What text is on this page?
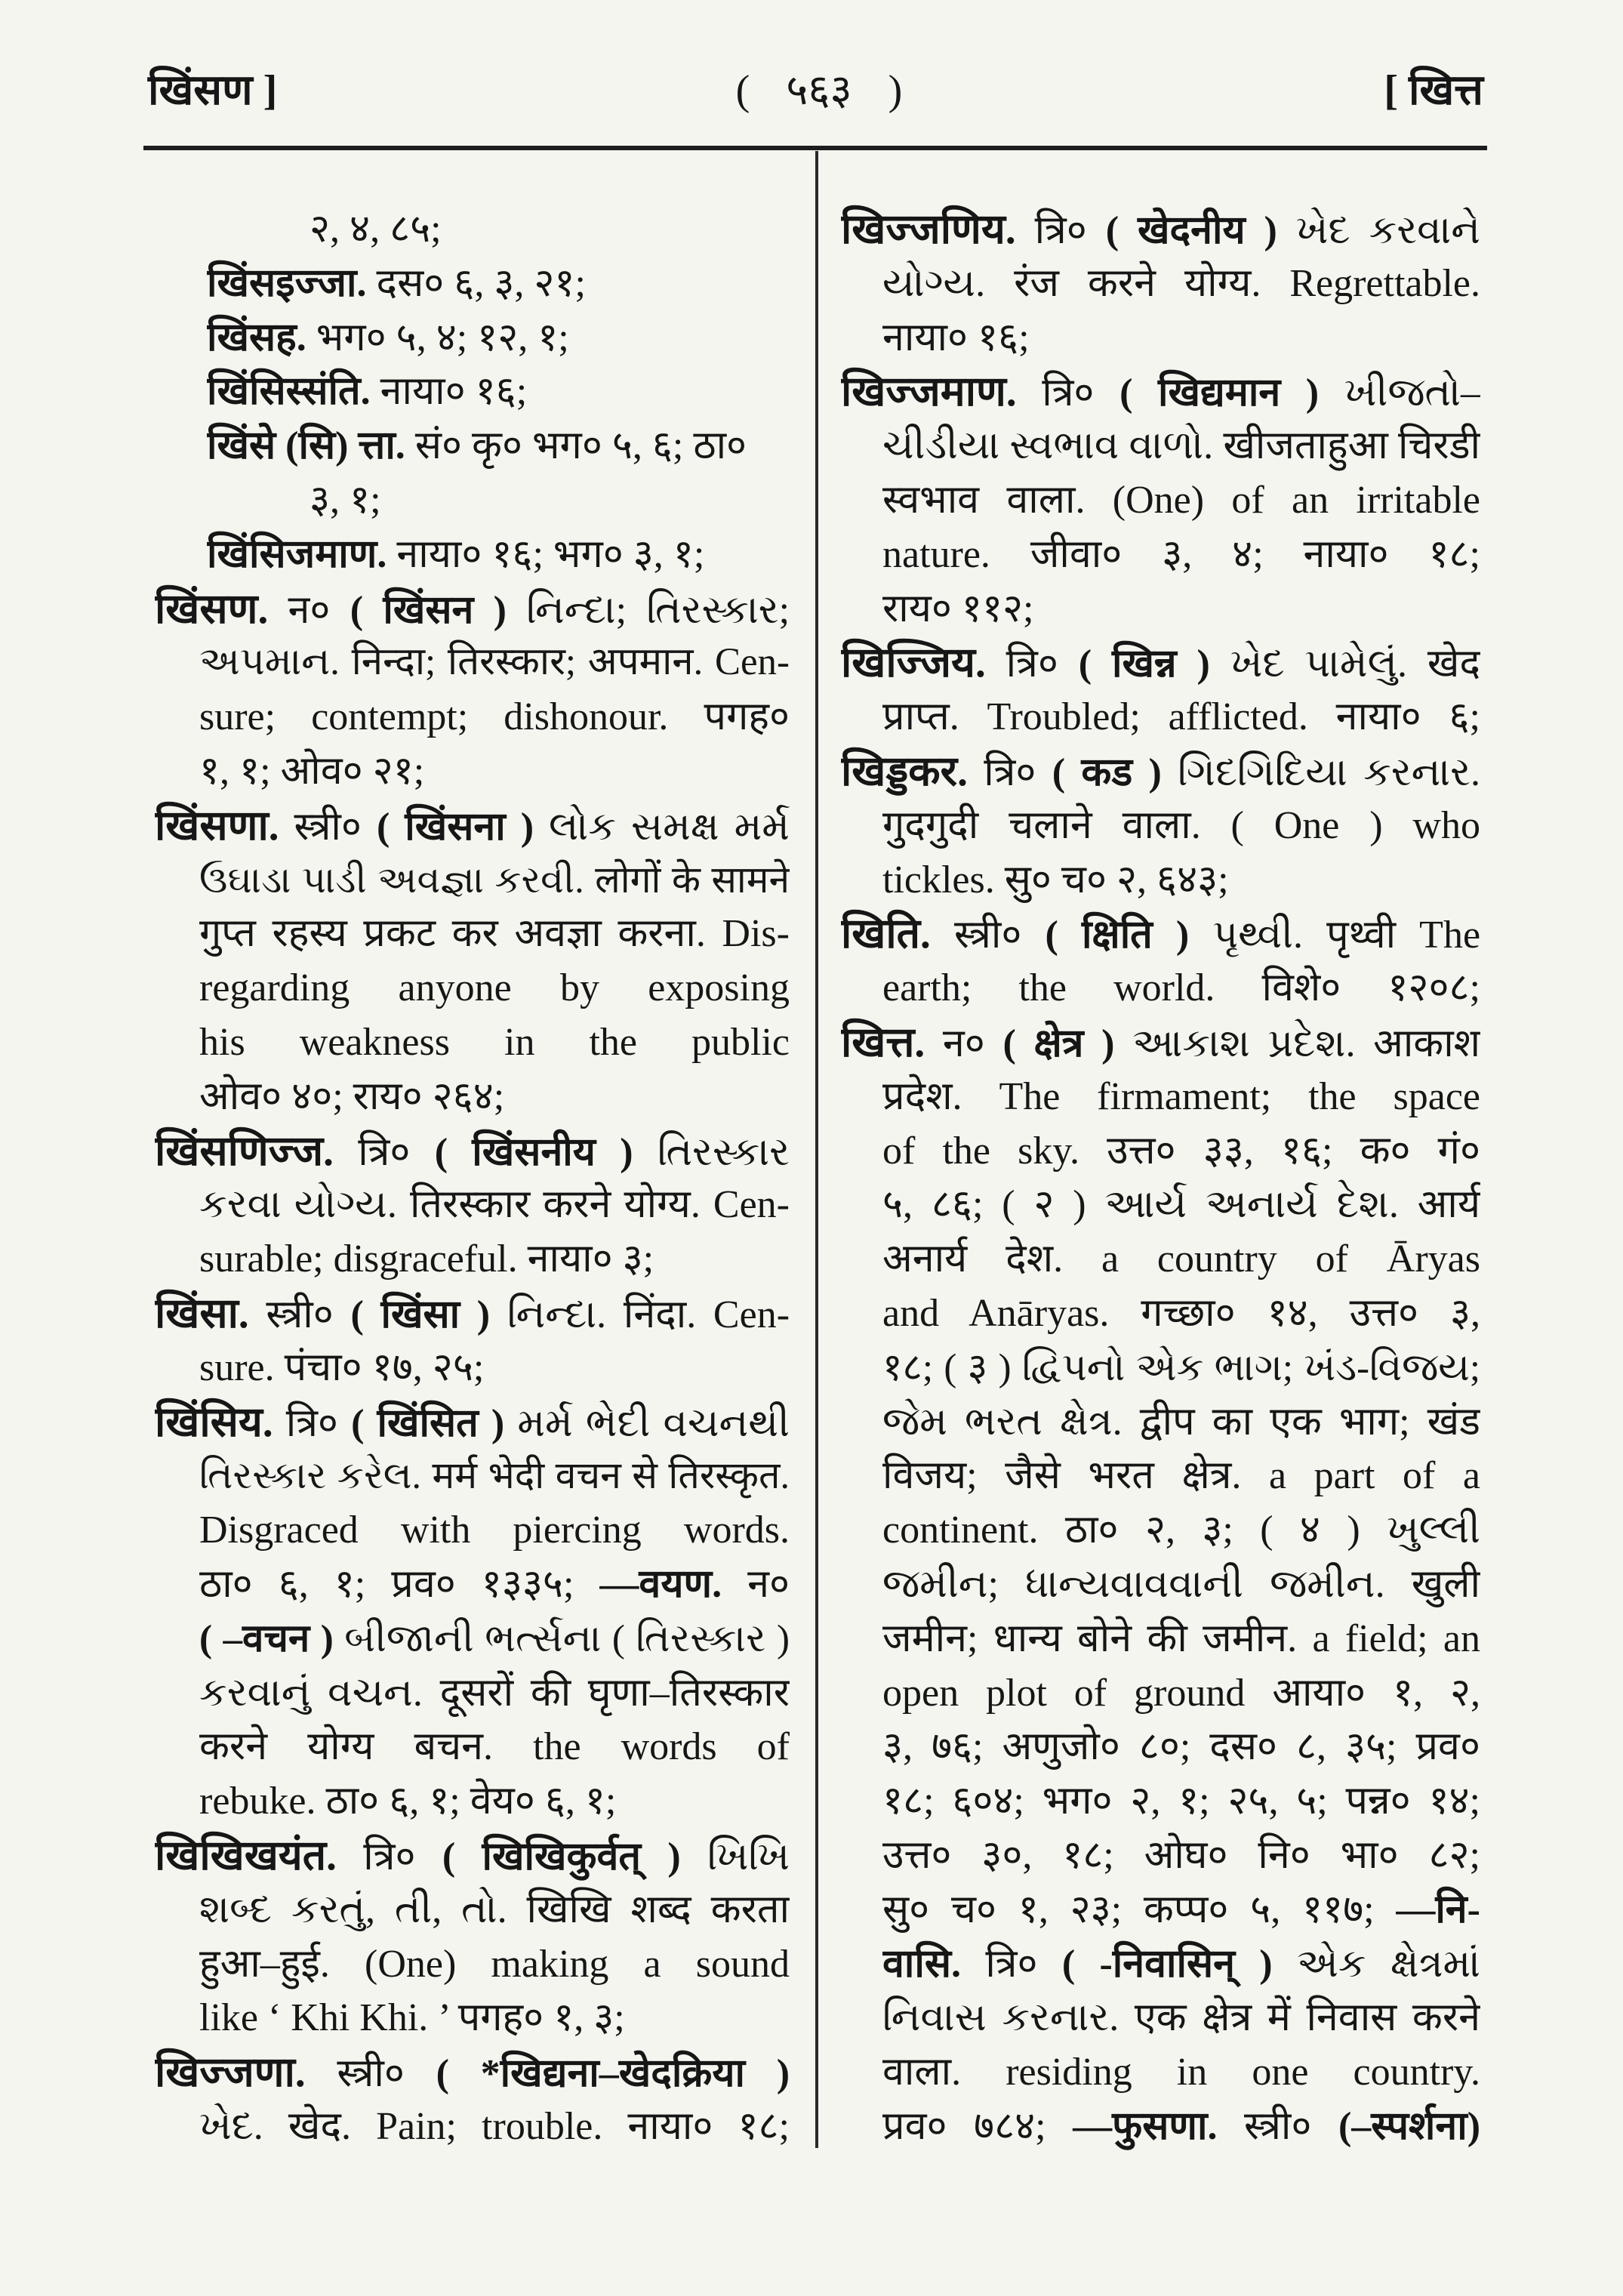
खिंसण ]	( ५६३ )	[ खित्त
२, ४, ८५;
खिंसइज्जा. दस० ६, ३, २१;
खिंसह. भग० ५, ४; १२, १;
खिंसिस्संति. नाया० १६;
खिंसे (सि) त्ता. सं० कृ० भग० ५, ६; ठा०
३, १;
खिंसिजमाण. नाया० १६; भग० ३, १;
खिंसण. न० ( खिंसन ) નિન્દા; તિરસ્કાર;
અપમાન. निन्दा; तिरस्कार; अपमान. Cen-
sure; contempt; dishonour. पगह०
१, १; ओव० २१;
खिंसणा. स्त्री० ( खिंसना ) લોક સમક્ષ મર્મ
ઉઘાડા પાડી અવજ્ઞા કરવી. लोगों के सामने
गुप्त रहस्य प्रकट कर अवज्ञा करना. Dis-
regarding anyone by exposing
his weakness in the public
ओव० ४०; राय० २६४;
खिंसणिज्ज. त्रि० ( खिंसनीय ) તિરસ્કાર
કરવા યોગ્ય. तिरस्कार करने योग्य. Cen-
surable; disgraceful. नाया० ३;
खिंसा. स्त्री० ( खिंसा ) નિન્દા. निंदा. Cen-
sure. पंचा० १७, २५;
खिंसिय. त्रि० ( खिंसित ) મર્મ ભેદી વચનથી
તિરસ્કાર કરેલ. मर्म भेदी वचन से तिरस्कृत.
Disgraced with piercing words.
ठा० ६, १; प्रव० १३३५; —वयण. न०
( –वचन ) બીજાની ભર્ત્સના ( તિરસ્કાર )
કરવાનું વચન. दूसरों की घृणा–तिरस्कार
करने योग्य बचन. the words of
rebuke. ठा० ६, १; वेय० ६, १;
खिखिखयंत. त्रि० ( खिखिकुर्वत् ) ખિખિ
શબ્દ કરતું, તી, તો. खिखि शब्द करता
हुआ–हुई. (One) making a sound
like ‘ Khi Khi. ’ पगह० १, ३;
खिज्जणा. स्त्री० ( *खिद्यना–खेदक्रिया )
ખેદ. खेद. Pain; trouble. नाया० १८;
खिज्जणिय. त्रि० ( खेदनीय ) ખેદ કરવાને
યોગ્ય. रंज करने योग्य. Regrettable.
नाया० १६;
खिज्जमाण. त्रि० ( खिद्यमान ) ખીજતો–
ચીડીયા સ્વભાવ વાળો. खीजताहुआ चिरडी
स्वभाव वाला. (One) of an irritable
nature. जीवा० ३, ४; नाया० १८;
राय० ११२;
खिज्जिय. त्रि० ( खिन्न ) ખેદ પામેલું. खेद
प्राप्त. Troubled; afflicted. नाया० ६;
खिड्डकर. त्रि० ( कड ) ગિદગિદિયા કરનાર.
गुदगुदी चलाने वाला. ( One ) who
tickles. सु० च० २, ६४३;
खिति. स्त्री० ( क्षिति ) પૃથ્વી. पृथ्वी The
earth; the world. विशे० १२०८;
खित्त. न० ( क्षेत्र ) આકાશ પ્રદેશ. आकाश
प्रदेश. The firmament; the space
of the sky. उत्त० ३३, १६; क० गं०
५, ८६; ( २ ) આર્ય અનાર્ય દેશ. आर्य
अनार्य देश. a country of Āryas
and Anāryas. गच्छा० १४, उत्त० ३,
१८; ( ३ ) દ્વિપનો એક ભાગ; ખંડ-વિજય;
જેમ ભરત ક્ષેત્ર. द्वीप का एक भाग; खंड
विजय; जैसे भरत क्षेत्र. a part of a
continent. ठा० २, ३; ( ४ ) ખુલ્લી
જમીન; ધાન્યવાવવાની જમીન. खुली
जमीन; धान्य बोने की जमीन. a field; an
open plot of ground आया० १, २,
३, ७६; अणुजो० ८०; दस० ८, ३५; प्रव०
१८; ६०४; भग० २, १; २५, ५; पन्न० १४;
उत्त० ३०, १८; ओघ० नि० भा० ८२;
सु० च० १, २३; कप्प० ५, ११७; —नि-
वासि. त्रि० ( -निवासिन् ) એક ક્ષેત્રમાં
નિવાસ કરનાર. एक क्षेत्र में निवास करने
वाला. residing in one country.
प्रव० ७८४; —फुसणा. स्त्री० (–स्पर्शना)
